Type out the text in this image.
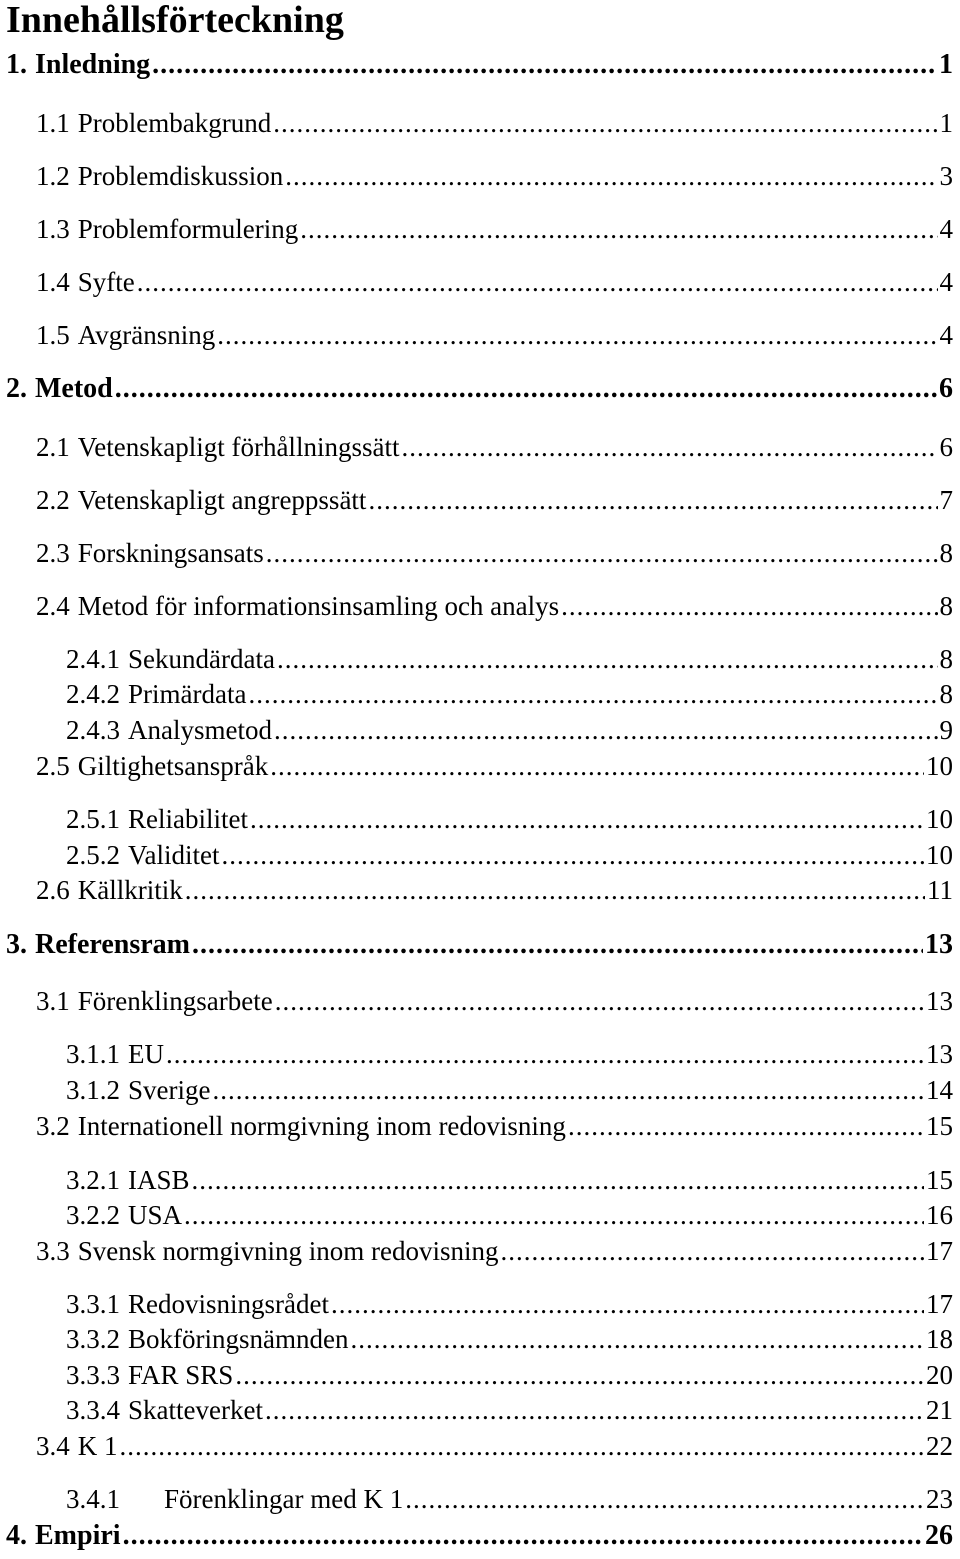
Innehållsförteckning
1. Inledning .....	1
1.1 Problembakgrund .....	1
1.2 Problemdiskussion .....	3
1.3 Problemformulering .....	4
1.4 Syfte .....	4
1.5 Avgränsning .....	4
2. Metod .....	6
2.1 Vetenskapligt förhållningssätt .....	6
2.2 Vetenskapligt angreppssätt .....	7
2.3 Forskningsansats .....	8
2.4 Metod för informationsinsamling och analys .....	8
2.4.1 Sekundärdata .....	8
2.4.2 Primärdata .....	8
2.4.3 Analysmetod .....	9
2.5 Giltighetsanspråk .....	10
2.5.1 Reliabilitet .....	10
2.5.2 Validitet .....	10
2.6 Källkritik .....	11
3. Referensram .....	13
3.1 Förenklingsarbete .....	13
3.1.1 EU .....	13
3.1.2 Sverige .....	14
3.2 Internationell normgivning inom redovisning .....	15
3.2.1 IASB .....	15
3.2.2 USA .....	16
3.3 Svensk normgivning inom redovisning .....	17
3.3.1 Redovisningsrådet .....	17
3.3.2 Bokföringsnämnden .....	18
3.3.3 FAR SRS .....	20
3.3.4 Skatteverket .....	21
3.4 K 1 .....	22
3.4.1 Förenklingar med K 1 .....	23
4. Empiri .....	26
